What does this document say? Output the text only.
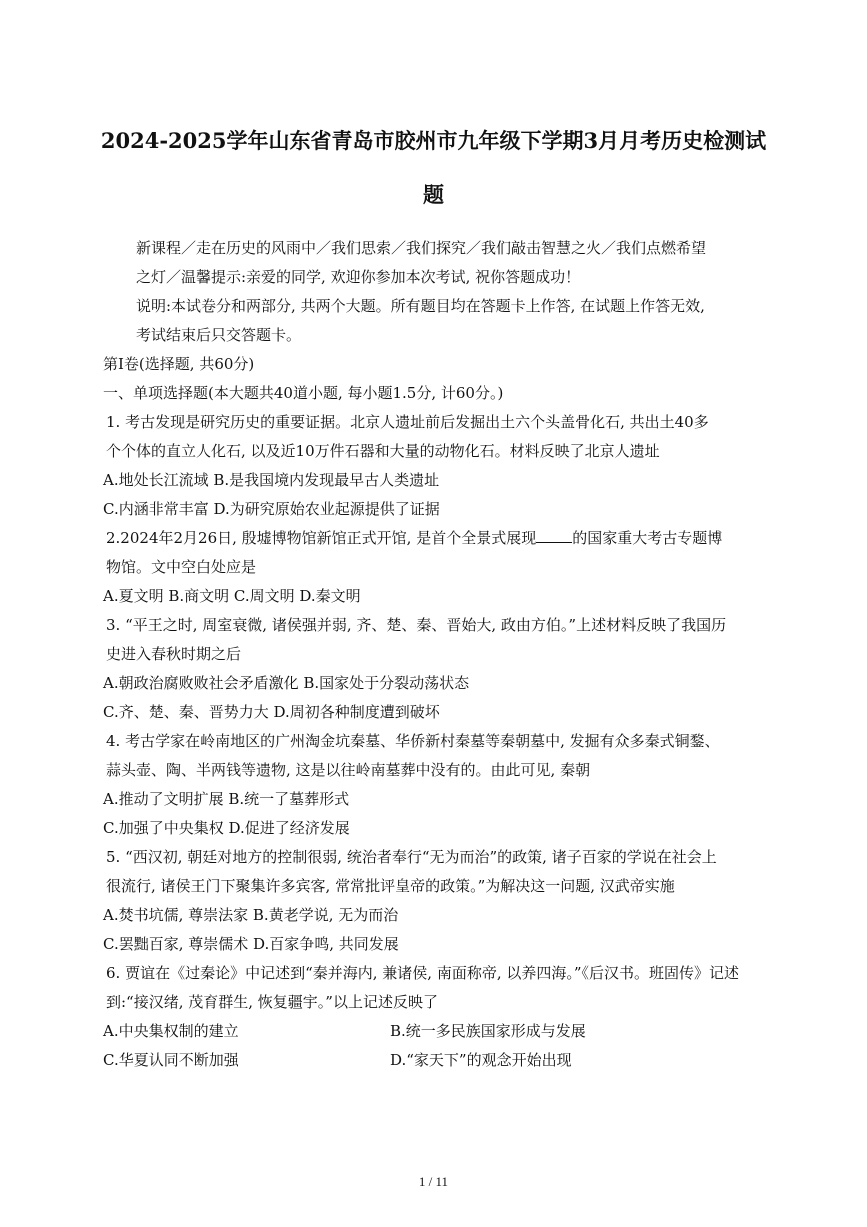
2024-2025学年山东省青岛市胶州市九年级下学期3月月考历史检测试
题
新课程／走在历史的风雨中／我们思索／我们探究／我们敲击智慧之火／我们点燃希望
之灯／温馨提示:亲爱的同学, 欢迎你参加本次考试, 祝你答题成功！
说明:本试卷分和两部分, 共两个大题。所有题目均在答题卡上作答, 在试题上作答无效,
考试结束后只交答题卡。
第I卷(选择题, 共60分)
一、单项选择题(本大题共40道小题, 每小题1.5分, 计60分。)
1. 考古发现是研究历史的重要证据。北京人遗址前后发掘出土六个头盖骨化石, 共出土40多
个个体的直立人化石, 以及近10万件石器和大量的动物化石。材料反映了北京人遗址
A.地处长江流域 B.是我国境内发现最早古人类遗址
C.内涵非常丰富 D.为研究原始农业起源提供了证据
2.2024年2月26日, 殷墟博物馆新馆正式开馆, 是首个全景式展现 的国家重大考古专题博
物馆。文中空白处应是
A.夏文明 B.商文明 C.周文明 D.秦文明
3. “平王之时, 周室衰微, 诸侯强并弱, 齐、楚、秦、晋始大, 政由方伯。”上述材料反映了我国历
史进入春秋时期之后
A.朝政治腐败败社会矛盾激化 B.国家处于分裂动荡状态
C.齐、楚、秦、晋势力大 D.周初各种制度遭到破坏
4. 考古学家在岭南地区的广州淘金坑秦墓、华侨新村秦墓等秦朝墓中, 发掘有众多秦式铜鍪、
蒜头壶、陶、半两钱等遗物, 这是以往岭南墓葬中没有的。由此可见, 秦朝
A.推动了文明扩展 B.统一了墓葬形式
C.加强了中央集权 D.促进了经济发展
5. “西汉初, 朝廷对地方的控制很弱, 统治者奉行“无为而治”的政策, 诸子百家的学说在社会上
很流行, 诸侯王门下聚集许多宾客, 常常批评皇帝的政策。”为解决这一问题, 汉武帝实施
A.焚书坑儒, 尊崇法家 B.黄老学说, 无为而治
C.罢黜百家, 尊崇儒术 D.百家争鸣, 共同发展
6. 贾谊在《过秦论》中记述到“秦并海内, 兼诸侯, 南面称帝, 以养四海。”《后汉书。班固传》记述
到:“接汉绪, 茂育群生, 恢复疆宇。”以上记述反映了
A.中央集权制的建立	B.统一多民族国家形成与发展
C.华夏认同不断加强	D.“家天下”的观念开始出现
1 / 11
